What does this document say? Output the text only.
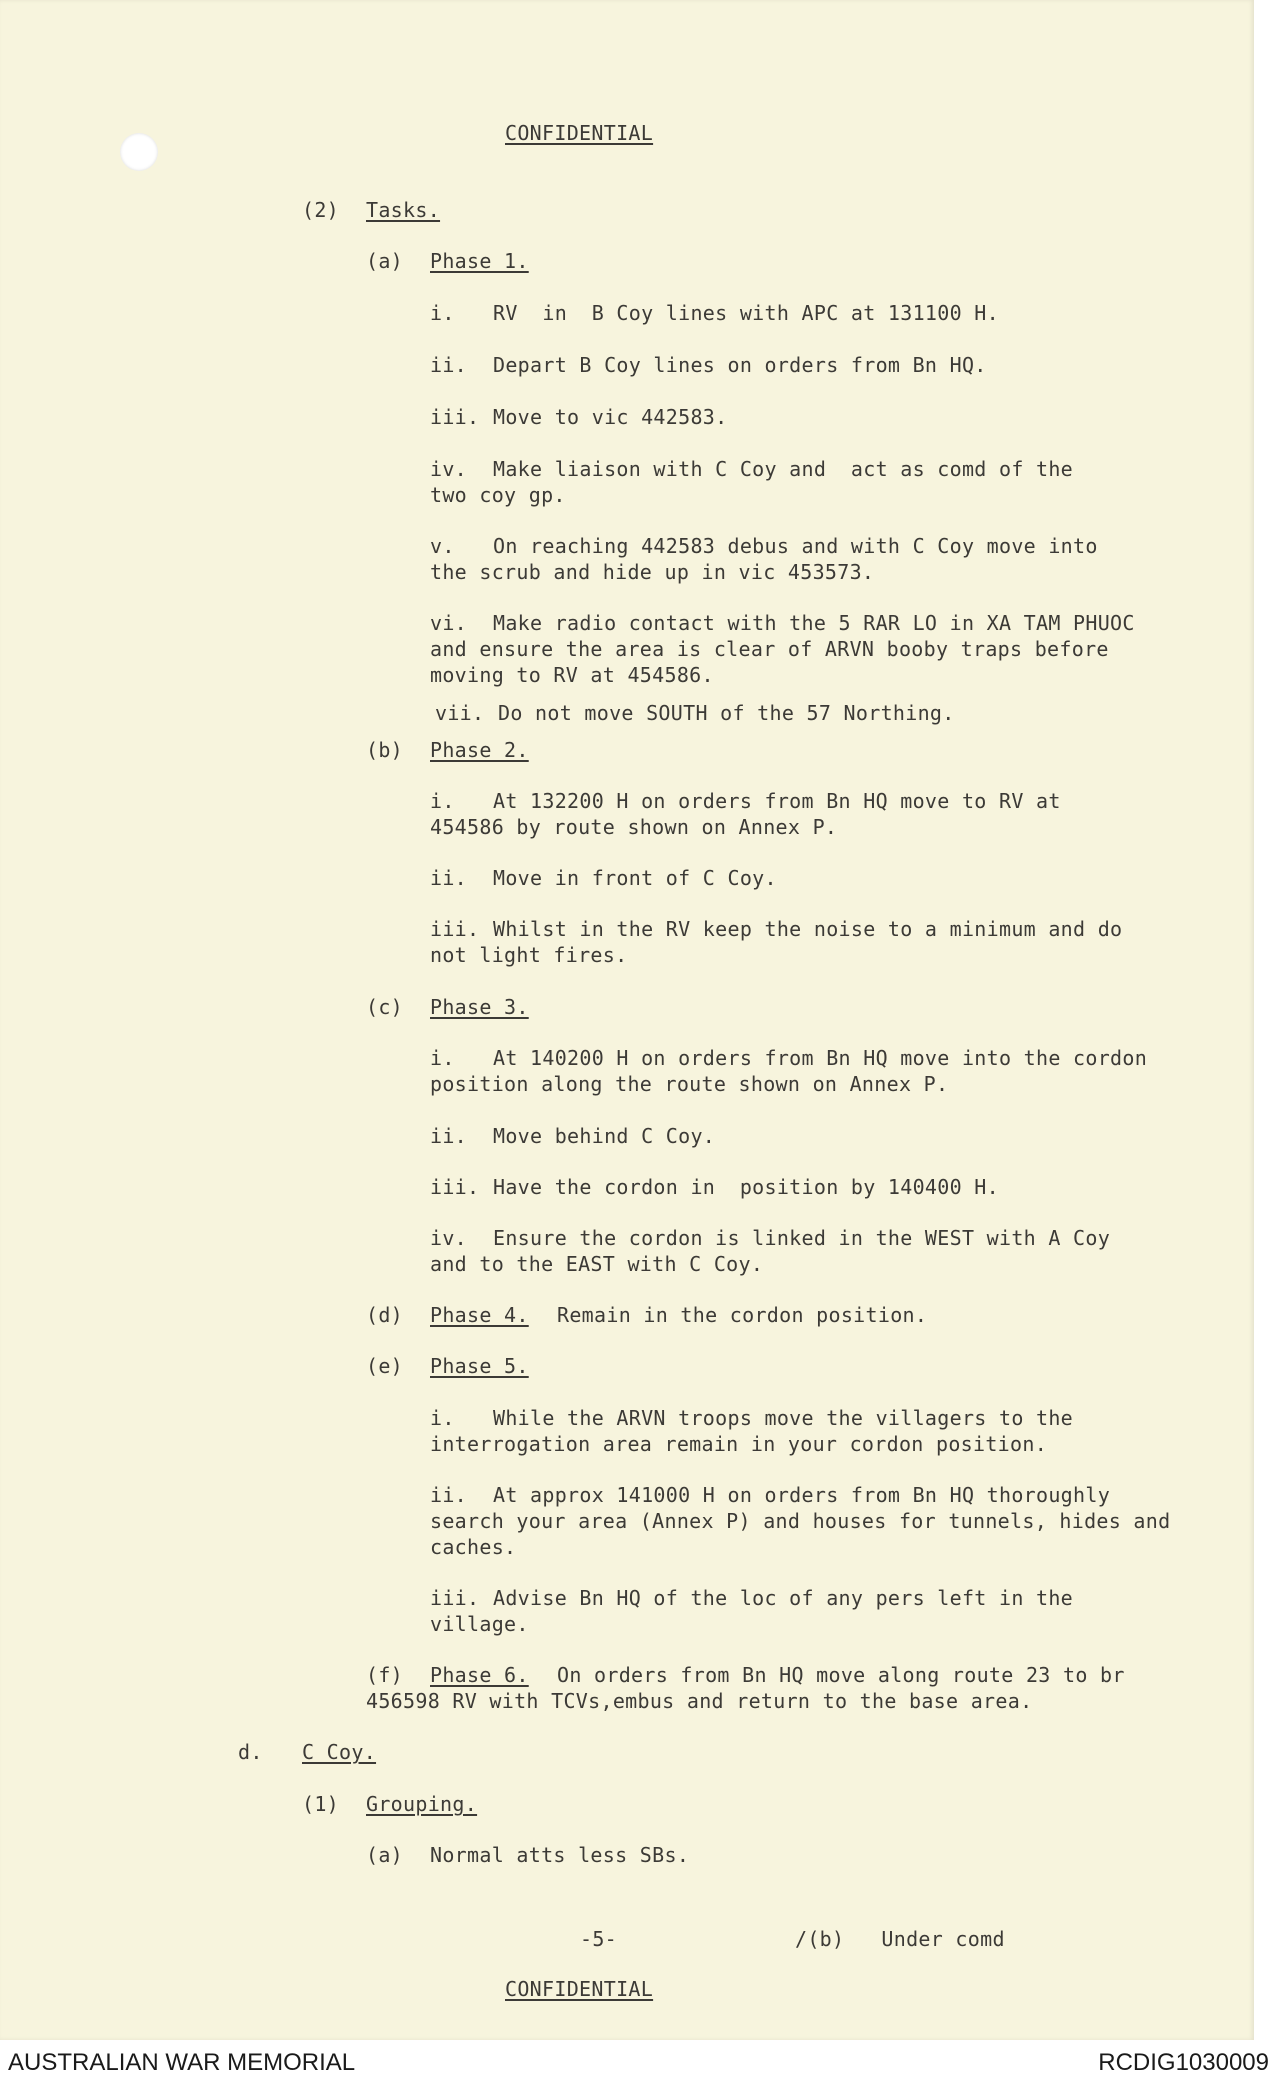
CONFIDENTIAL
(2) Tasks.
(a) Phase 1.
i. RV  in  B Coy lines with APC at 131100 H.
ii. Depart B Coy lines on orders from Bn HQ.
iii. Move to vic 442583.
iv. Make liaison with C Coy and  act as comd of the
two coy gp.
v. On reaching 442583 debus and with C Coy move into
the scrub and hide up in vic 453573.
vi. Make radio contact with the 5 RAR LO in XA TAM PHUOC
and ensure the area is clear of ARVN booby traps before
moving to RV at 454586.
vii. Do not move SOUTH of the 57 Northing.
(b) Phase 2.
i. At 132200 H on orders from Bn HQ move to RV at
454586 by route shown on Annex P.
ii. Move in front of C Coy.
iii. Whilst in the RV keep the noise to a minimum and do
not light fires.
(c) Phase 3.
i. At 140200 H on orders from Bn HQ move into the cordon
position along the route shown on Annex P.
ii. Move behind C Coy.
iii. Have the cordon in  position by 140400 H.
iv. Ensure the cordon is linked in the WEST with A Coy
and to the EAST with C Coy.
(d) Phase 4. Remain in the cordon position.
(e) Phase 5.
i. While the ARVN troops move the villagers to the
interrogation area remain in your cordon position.
ii. At approx 141000 H on orders from Bn HQ thoroughly
search your area (Annex P) and houses for tunnels, hides and
caches.
iii. Advise Bn HQ of the loc of any pers left in the
village.
(f) Phase 6. On orders from Bn HQ move along route 23 to br
456598 RV with TCVs,embus and return to the base area.
d. C Coy.
(1) Grouping.
(a) Normal atts less SBs.
-5-	/(b)   Under comd
CONFIDENTIAL
AUSTRALIAN WAR MEMORIAL	RCDIG1030009
